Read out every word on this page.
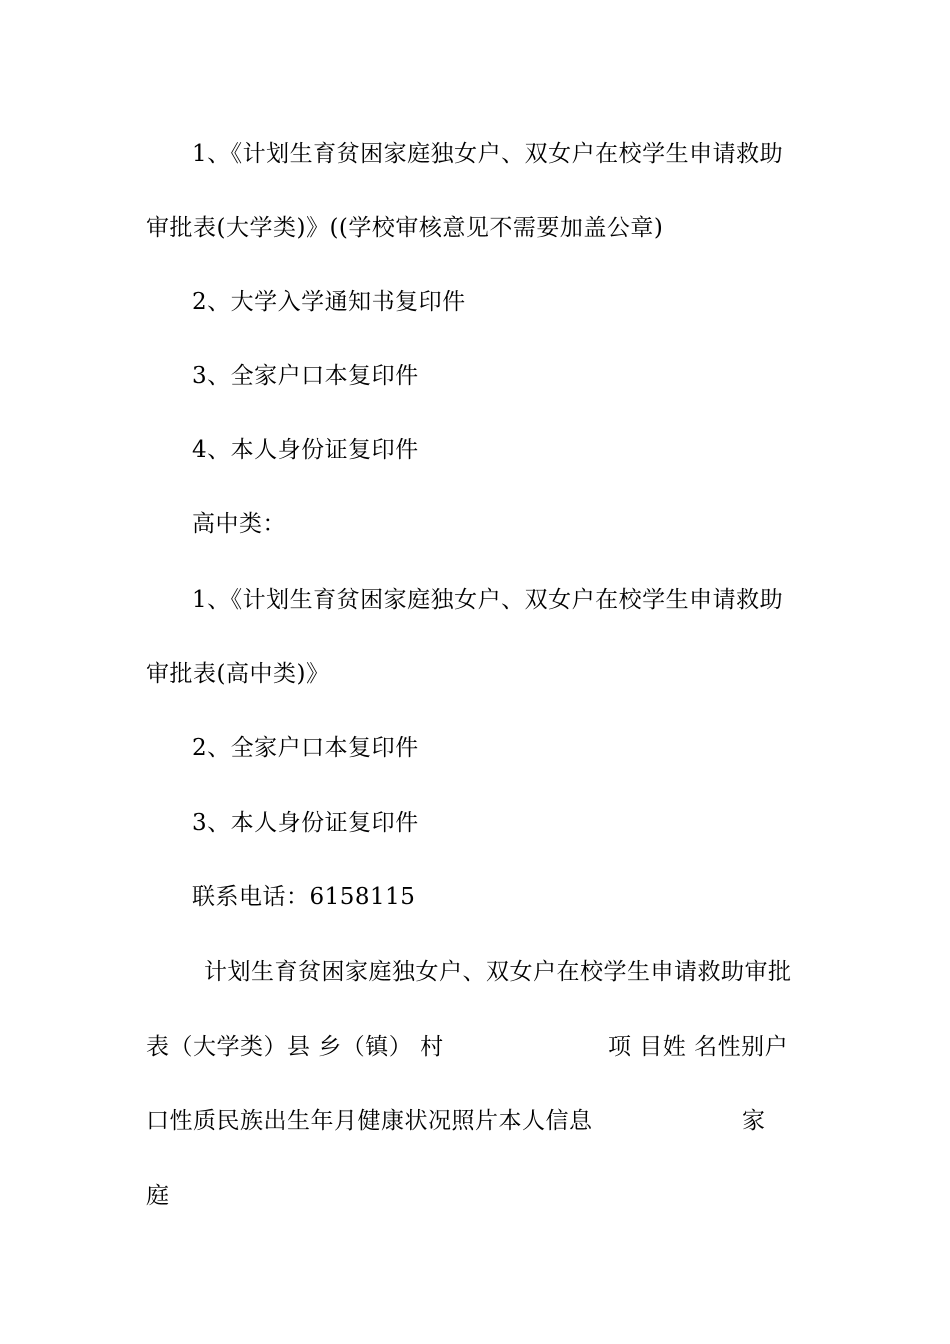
1、《计划生育贫困家庭独女户、双女户在校学生申请救助
审批表(大学类)》((学校审核意见不需要加盖公章)
2、大学入学通知书复印件
3、全家户口本复印件
4、本人身份证复印件
高中类：
1、《计划生育贫困家庭独女户、双女户在校学生申请救助
审批表(高中类)》
2、全家户口本复印件
3、本人身份证复印件
联系电话：6158115
计划生育贫困家庭独女户、双女户在校学生申请救助审批
表（大学类）县 乡（镇） 村	项 目姓 名性别户
口性质民族出生年月健康状况照片本人信息	家
庭
